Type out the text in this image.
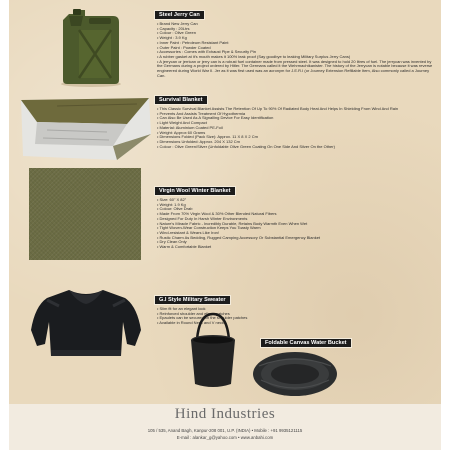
Steel Jerry Can
• Brand New Jerry Can
• Capacity : 20Ltrs
• Colour : Olive Green
• Weight : 3.9 Kg
• Inner Paint : Petroleum Resistant Paint
• Outer Paint : Powder Coated
• Accessories : Comes with Exhaust Pipe & Security Pin
• A rubber gasket at it's mouth makes it 100% leak proof (Say goodbye to leaking Military Surplus Jerry Cans)
• A jerrycan or jerrican or jerry can is a robust fuel container made from pressed steel. It was designed to hold 20 litres of fuel. The jerrycan was invented by the Germans during a project ordered by Hitler. The Germans called it the Wehrmachtkanister. The history of the Jerrycan is notable because it was reverse engineered during World War II. Jer as it was first used was an acronym for J.E.R.I (or Journey Extension Refillable Item, Also commonly called a Journey Can.
Survival Blanket
• This Classic Survival Blanket Assists The Retention Of Up To 90% Of Radiated Body Heat And Helps In Shielding From Wind And Rain
• Prevents And Assists Treatment Of Hypothermia
• Can Also Be Used As A Signalling Device For Easy Identification
• Light Weight And Compact
• Material: Aluminium Coated PE-Foil
• Weight: Approx 60 Grams
• Dimensions Folded (Pack Size): Approx. 11 X 8 X 2 Cm
• Dimensions Unfolded: Approx. 204 X 132 Cm
• Colour : Olive Green/Silver (Unfoldable Olive Green Coating On One Side And Silver On the Other)
Virgin Wool Winter Blanket
• Size: 60" X 82"
• Weight: 1.9 Kg
• Colour: Olive Drab
• Made From 70% Virgin Wool & 30% Other Blended Natural Fibers
• Designed For Duty In Harsh Winter Environments
• Nature's Miracle Fabric - Incredibly Durable, Retains Body Warmth Even When Wet
• Tight Woven-Wear Construction Keeps You Toasty Warm
• Wind-resistant & Wears Like Iron!
• Rustic Charm As Bedding, Rugged Camping Accessory Or Substantial Emergency Blanket
• Dry Clean Only
• Warm & Comfortable Blanket
G.I Style Military Sweater
• Slim fit for an elegant look
• Reinforced shoulder and elbow patches
• Epaulets can be secured on the shoulder patches
• Available in Round Neck and V neck
Foldable Canvas Water Bucket
Hind Industries
105 / 535, Anand Bagh, Kanpur-208 001, U.P. (INDIA) • Mobile : +91 9935121115
E-mail : alankar_g@yahoo.com • www.anbahi.com
